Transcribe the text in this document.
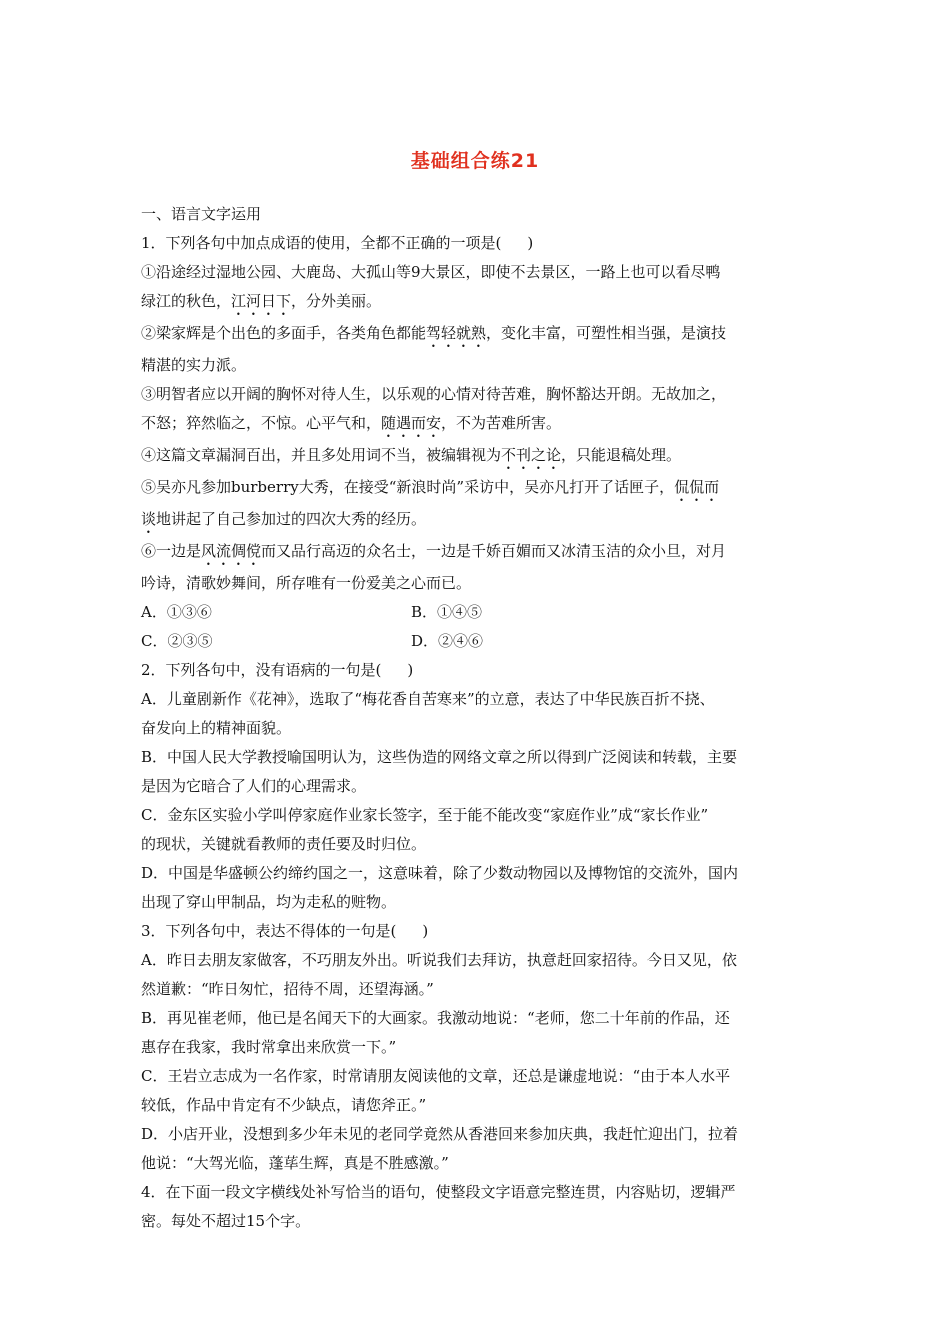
基础组合练21

一、语言文字运用

1．下列各句中加点成语的使用，全都不正确的一项是( )

①沿途经过湿地公园、大鹿岛、大孤山等9大景区，即使不去景区，一路上也可以看尽鸭

绿江的秋色，江河日下，分外美丽。

②梁家辉是个出色的多面手，各类角色都能驾轻就熟，变化丰富，可塑性相当强，是演技

精湛的实力派。

③明智者应以开阔的胸怀对待人生，以乐观的心情对待苦难，胸怀豁达开朗。无故加之，

不怒；猝然临之，不惊。心平气和，随遇而安，不为苦难所害。

④这篇文章漏洞百出，并且多处用词不当，被编辑视为不刊之论，只能退稿处理。

⑤吴亦凡参加burberry大秀，在接受“新浪时尚”采访中，吴亦凡打开了话匣子，侃侃而

谈地讲起了自己参加过的四次大秀的经历。

⑥一边是风流倜傥而又品行高迈的众名士，一边是千娇百媚而又冰清玉洁的众小旦，对月

吟诗，清歌妙舞间，所存唯有一份爱美之心而已。

A．①③⑥	B．①④⑤

C．②③⑤	D．②④⑥

2．下列各句中，没有语病的一句是( )

A．儿童剧新作《花神》，选取了“梅花香自苦寒来”的立意，表达了中华民族百折不挠、

奋发向上的精神面貌。

B．中国人民大学教授喻国明认为，这些伪造的网络文章之所以得到广泛阅读和转载，主要

是因为它暗合了人们的心理需求。

C．金东区实验小学叫停家庭作业家长签字，至于能不能改变“家庭作业”成“家长作业”

的现状，关键就看教师的责任要及时归位。

D．中国是华盛顿公约缔约国之一，这意味着，除了少数动物园以及博物馆的交流外，国内

出现了穿山甲制品，均为走私的赃物。

3．下列各句中，表达不得体的一句是( )

A．昨日去朋友家做客，不巧朋友外出。听说我们去拜访，执意赶回家招待。今日又见，依

然道歉：“昨日匆忙，招待不周，还望海涵。”

B．再见崔老师，他已是名闻天下的大画家。我激动地说：“老师，您二十年前的作品，还

惠存在我家，我时常拿出来欣赏一下。”

C．王岩立志成为一名作家，时常请朋友阅读他的文章，还总是谦虚地说：“由于本人水平

较低，作品中肯定有不少缺点，请您斧正。”

D．小店开业，没想到多少年未见的老同学竟然从香港回来参加庆典，我赶忙迎出门，拉着

他说：“大驾光临，蓬荜生辉，真是不胜感激。”

4．在下面一段文字横线处补写恰当的语句，使整段文字语意完整连贯，内容贴切，逻辑严

密。每处不超过15个字。
